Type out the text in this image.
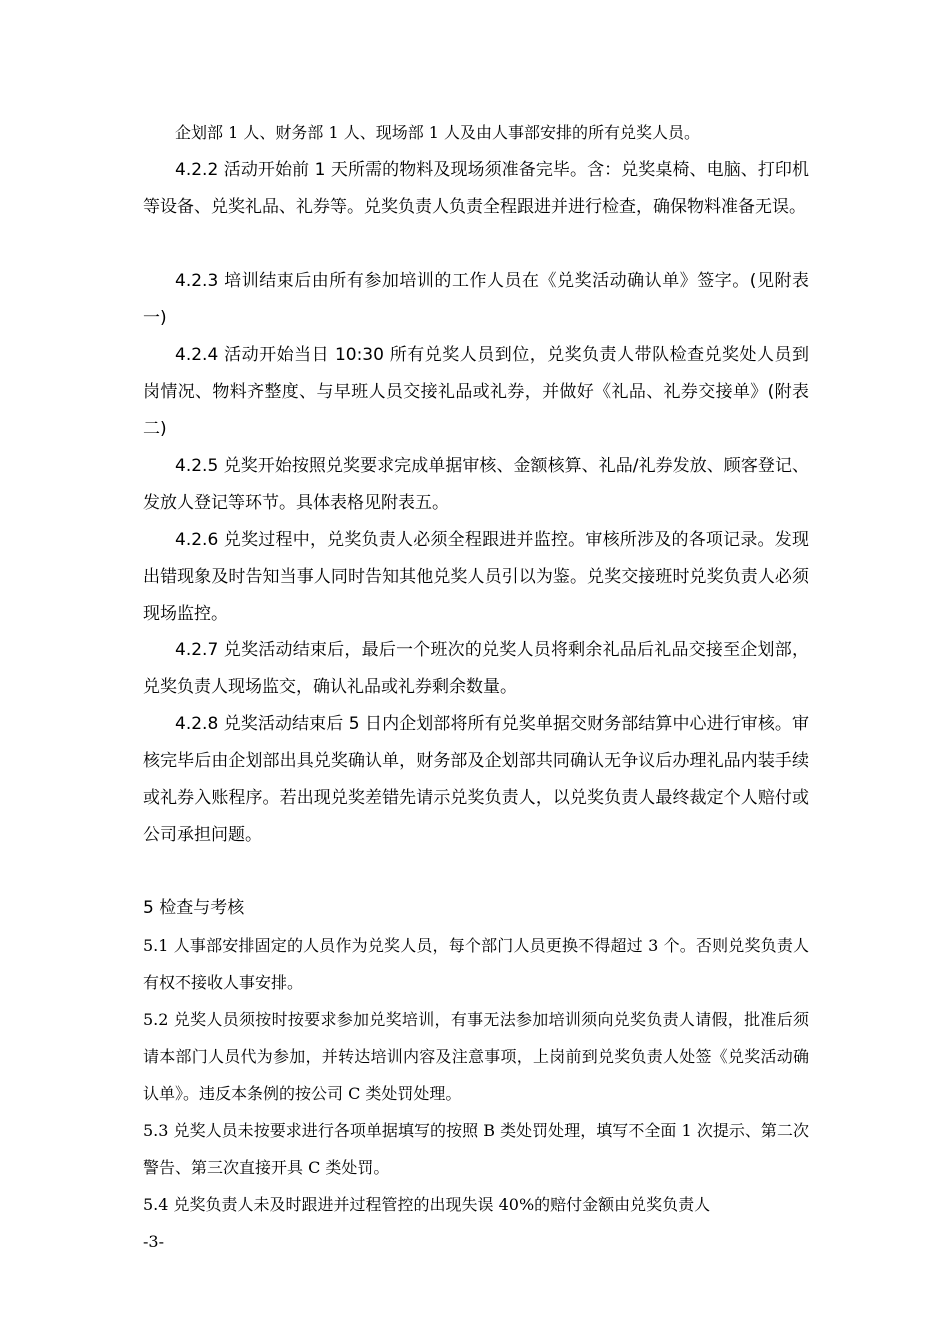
企划部 1 人、财务部 1 人、现场部 1 人及由人事部安排的所有兑奖人员。

4.2.2 活动开始前 1 天所需的物料及现场须准备完毕。含：兑奖桌椅、电脑、打印机等设备、兑奖礼品、礼券等。兑奖负责人负责全程跟进并进行检查，确保物料准备无误。

4.2.3 培训结束后由所有参加培训的工作人员在《兑奖活动确认单》签字。(见附表一)

4.2.4 活动开始当日 10:30 所有兑奖人员到位，兑奖负责人带队检查兑奖处人员到岗情况、物料齐整度、与早班人员交接礼品或礼券，并做好《礼品、礼券交接单》(附表二)

4.2.5 兑奖开始按照兑奖要求完成单据审核、金额核算、礼品/礼券发放、顾客登记、发放人登记等环节。具体表格见附表五。

4.2.6 兑奖过程中，兑奖负责人必须全程跟进并监控。审核所涉及的各项记录。发现出错现象及时告知当事人同时告知其他兑奖人员引以为鉴。兑奖交接班时兑奖负责人必须现场监控。

4.2.7 兑奖活动结束后，最后一个班次的兑奖人员将剩余礼品后礼品交接至企划部，兑奖负责人现场监交，确认礼品或礼券剩余数量。

4.2.8 兑奖活动结束后 5 日内企划部将所有兑奖单据交财务部结算中心进行审核。审核完毕后由企划部出具兑奖确认单，财务部及企划部共同确认无争议后办理礼品内装手续或礼券入账程序。若出现兑奖差错先请示兑奖负责人，以兑奖负责人最终裁定个人赔付或公司承担问题。

5 检查与考核

5.1 人事部安排固定的人员作为兑奖人员，每个部门人员更换不得超过 3 个。否则兑奖负责人有权不接收人事安排。

5.2 兑奖人员须按时按要求参加兑奖培训，有事无法参加培训须向兑奖负责人请假，批准后须请本部门人员代为参加，并转达培训内容及注意事项，上岗前到兑奖负责人处签《兑奖活动确认单》。违反本条例的按公司 C 类处罚处理。

5.3 兑奖人员未按要求进行各项单据填写的按照 B 类处罚处理，填写不全面 1 次提示、第二次警告、第三次直接开具 C 类处罚。

5.4 兑奖负责人未及时跟进并过程管控的出现失误 40%的赔付金额由兑奖负责人

-3-
